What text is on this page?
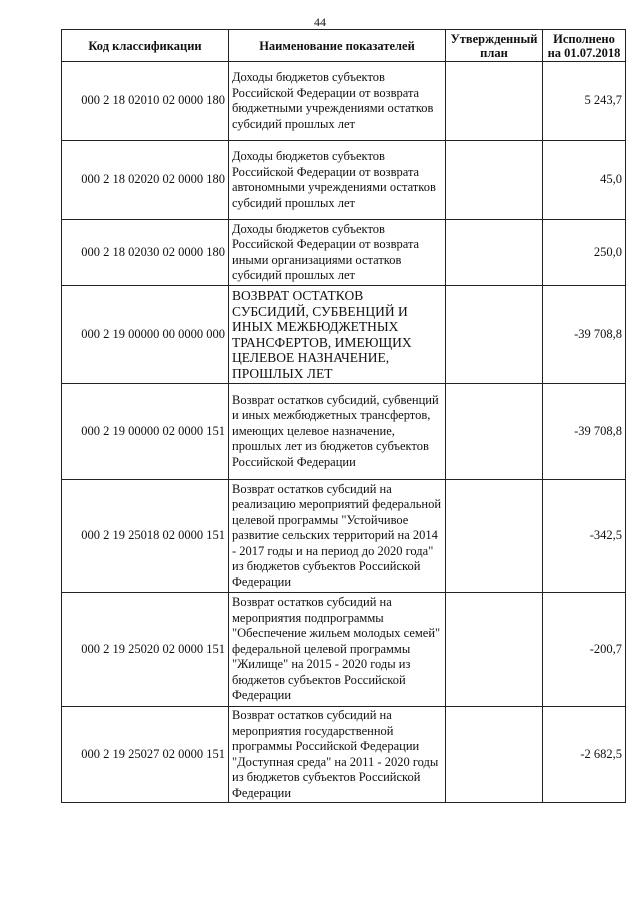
44
Код классификации	Наименование показателей	Утвержденный план	Исполнено на 01.07.2018
000 2 18 02010 02 0000 180	Доходы бюджетов субъектов Российской Федерации от возврата бюджетными учреждениями остатков субсидий прошлых лет		5 243,7
000 2 18 02020 02 0000 180	Доходы бюджетов субъектов Российской Федерации от возврата автономными учреждениями остатков субсидий прошлых лет		45,0
000 2 18 02030 02 0000 180	Доходы бюджетов субъектов Российской Федерации от возврата иными организациями остатков субсидий прошлых лет		250,0
000 2 19 00000 00 0000 000	ВОЗВРАТ ОСТАТКОВ СУБСИДИЙ, СУБВЕНЦИЙ И ИНЫХ МЕЖБЮДЖЕТНЫХ ТРАНСФЕРТОВ, ИМЕЮЩИХ ЦЕЛЕВОЕ НАЗНАЧЕНИЕ, ПРОШЛЫХ ЛЕТ		-39 708,8
000 2 19 00000 02 0000 151	Возврат остатков субсидий, субвенций и иных межбюджетных трансфертов, имеющих целевое назначение, прошлых лет из бюджетов субъектов Российской Федерации		-39 708,8
000 2 19 25018 02 0000 151	Возврат остатков субсидий на реализацию мероприятий федеральной целевой программы "Устойчивое развитие сельских территорий на 2014 - 2017 годы и на период до 2020 года" из бюджетов субъектов Российской Федерации		-342,5
000 2 19 25020 02 0000 151	Возврат остатков субсидий на мероприятия подпрограммы "Обеспечение жильем молодых семей" федеральной целевой программы "Жилище" на 2015 - 2020 годы из бюджетов субъектов Российской Федерации		-200,7
000 2 19 25027 02 0000 151	Возврат остатков субсидий на мероприятия государственной программы Российской Федерации "Доступная среда" на 2011 - 2020 годы из бюджетов субъектов Российской Федерации		-2 682,5
